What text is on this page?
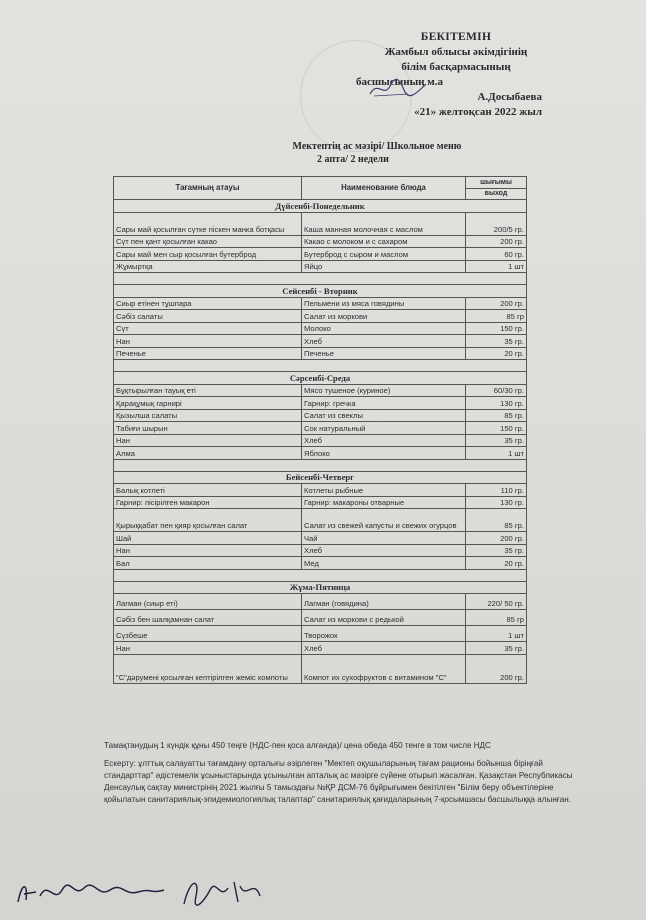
БЕКІТЕМІН
Жамбыл облысы әкімдігінің
білім басқармасының
басшысының м.а
А.Досыбаева
«21» желтоқсан 2022 жыл
Мектептің ас мәзірі/ Школьное меню
2 апта/ 2 недели
Тағамның атауы	Наименование блюда	шығымы
выход

Дүйсенбі-Понедельник		
Сары май қосылған сүтке піскен манка ботқасы	Каша манная молочная с маслом	200/5 гр.
Сүт пен қант қосылған какао	Какао с молоком и с сахаром	200 гр.
Сары май мен сыр қосылған бутерброд	Бутерброд с сыром и маслом	60 гр.
Жұмыртқа	Яйцо	1 шт

Сейсенбі - Вторник		
Сиыр етінен тұшпара	Пельмени из мяса говядины	200 гр.
Сәбіз салаты	Салат из моркови	85 гр
Сүт	Молоко	150 гр.
Нан	Хлеб	35 гр.
Печенье	Печенье	20 гр.

Сәрсенбі-Среда		
Бұқтырылған тауық еті	Мясо тушеное (куриное)	60/30 гр.
Қарақұмық гарнирі	Гарнир: гречка	130 гр.
Қызылша салаты	Салат из свеклы	85 гр.
Табиғи шырын	Сок натуральный	150 гр.
Нан	Хлеб	35 гр.
Алма	Яблоко	1 шт

Бейсенбі-Четверг		
Балық котлеті	Котлеты рыбные	110 гр.
Гарнир: пісірілген макарон	Гарнир: макароны отварные	130 гр.
Қырыққабат пен қияр қосылған салат	Салат из свежей капусты и свежих огурцов	85 гр.
Шай	Чай	200 гр.
Нан	Хлеб	35 гр.
Бал	Мед	20 гр.

Жұма-Пятница		
Лагман (сиыр еті)	Лагман (говядина)	220/ 50 гр.
Сәбіз бен шалқамнан салат	Салат из моркови с редькой	85 гр
Сүзбеше	Творожок	1 шт
Нан	Хлеб	35 гр.
"С"дәруменi қосылған кептірілген жеміс компоты	Компот их сухофруктов с витамином "С"	200 гр.
Тамақтанудың 1 күндік құны 450 теңге (НДС-пен қоса алғанда)/ цена обеда 450 тенге в том числе НДС
Ескерту: ұлттық салауатты тағамдану орталығы әзірлеген "Мектеп оқушыларының тағам рационы бойынша біріңғай стандарттар" әдістемелік ұсыныстарында ұсынылған апталық ас мәзірге сүйене отырып жасалған. Қазақстан Республикасы Денсаулық сақтау министрінің 2021 жылғы 5 тамыздағы №ҚР ДСМ-76 бұйрығымен бекітілген "Білім беру объектілеріне қойылатын санитариялық-эпидемиологиялық талаптар" санитариялық қағидаларының 7-қосымшасы басшылыққа алынған.
